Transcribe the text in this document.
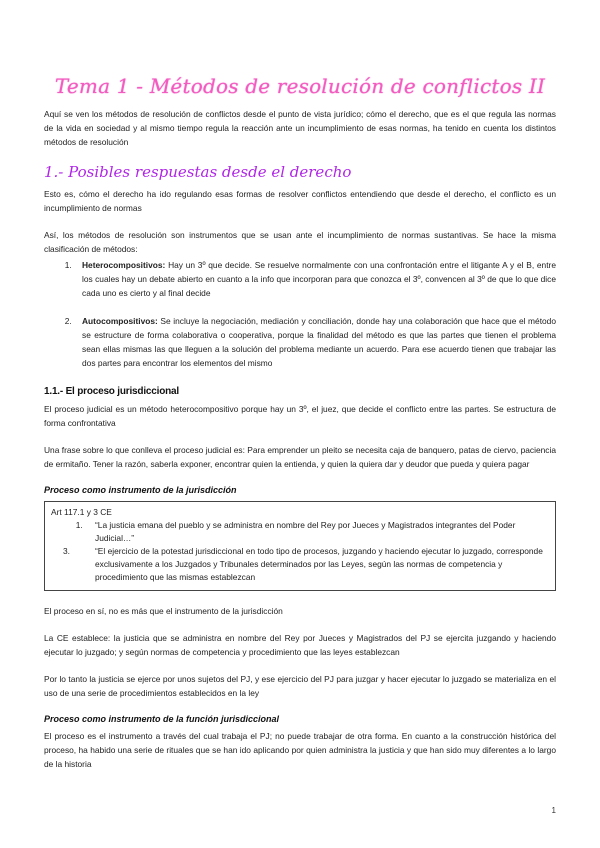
Tema 1 - Métodos de resolución de conflictos II

Aquí se ven los métodos de resolución de conflictos desde el punto de vista jurídico; cómo el derecho, que es el que regula las normas de la vida en sociedad y al mismo tiempo regula la reacción ante un incumplimiento de esas normas, ha tenido en cuenta los distintos métodos de resolución

1.- Posibles respuestas desde el derecho

Esto es, cómo el derecho ha ido regulando esas formas de resolver conflictos entendiendo que desde el derecho, el conflicto es un incumplimiento de normas

Así, los métodos de resolución son instrumentos que se usan ante el incumplimiento de normas sustantivas. Se hace la misma clasificación de métodos:

1. Heterocompositivos: Hay un 3º que decide. Se resuelve normalmente con una confrontación entre el litigante A y el B, entre los cuales hay un debate abierto en cuanto a la info que incorporan para que conozca el 3º, convencen al 3º de que lo que dice cada uno es cierto y al final decide
2. Autocompositivos: Se incluye la negociación, mediación y conciliación, donde hay una colaboración que hace que el método se estructure de forma colaborativa o cooperativa, porque la finalidad del método es que las partes que tienen el problema sean ellas mismas las que lleguen a la solución del problema mediante un acuerdo. Para ese acuerdo tienen que trabajar las dos partes para encontrar los elementos del mismo
1.1.- El proceso jurisdiccional

El proceso judicial es un método heterocompositivo porque hay un 3º, el juez, que decide el conflicto entre las partes. Se estructura de forma confrontativa

Una frase sobre lo que conlleva el proceso judicial es: Para emprender un pleito se necesita caja de banquero, patas de ciervo, paciencia de ermitaño. Tener la razón, saberla exponer, encontrar quien la entienda, y quien la quiera dar y deudor que pueda y quiera pagar

Proceso como instrumento de la jurisdicción
Art 117.1 y 3 CE
1. “La justicia emana del pueblo y se administra en nombre del Rey por Jueces y Magistrados integrantes del Poder Judicial…”
3. “El ejercicio de la potestad jurisdiccional en todo tipo de procesos, juzgando y haciendo ejecutar lo juzgado, corresponde exclusivamente a los Juzgados y Tribunales determinados por las Leyes, según las normas de competencia y procedimiento que las mismas establezcan

El proceso en sí, no es más que el instrumento de la jurisdicción

La CE establece: la justicia que se administra en nombre del Rey por Jueces y Magistrados del PJ se ejercita juzgando y haciendo ejecutar lo juzgado; y según normas de competencia y procedimiento que las leyes establezcan

Por lo tanto la justicia se ejerce por unos sujetos del PJ, y ese ejercicio del PJ para juzgar y hacer ejecutar lo juzgado se materializa en el uso de una serie de procedimientos establecidos en la ley

Proceso como instrumento de la función jurisdiccional

El proceso es el instrumento a través del cual trabaja el PJ; no puede trabajar de otra forma. En cuanto a la construcción histórica del proceso, ha habido una serie de rituales que se han ido aplicando por quien administra la justicia y que han sido muy diferentes a lo largo de la historia

1
